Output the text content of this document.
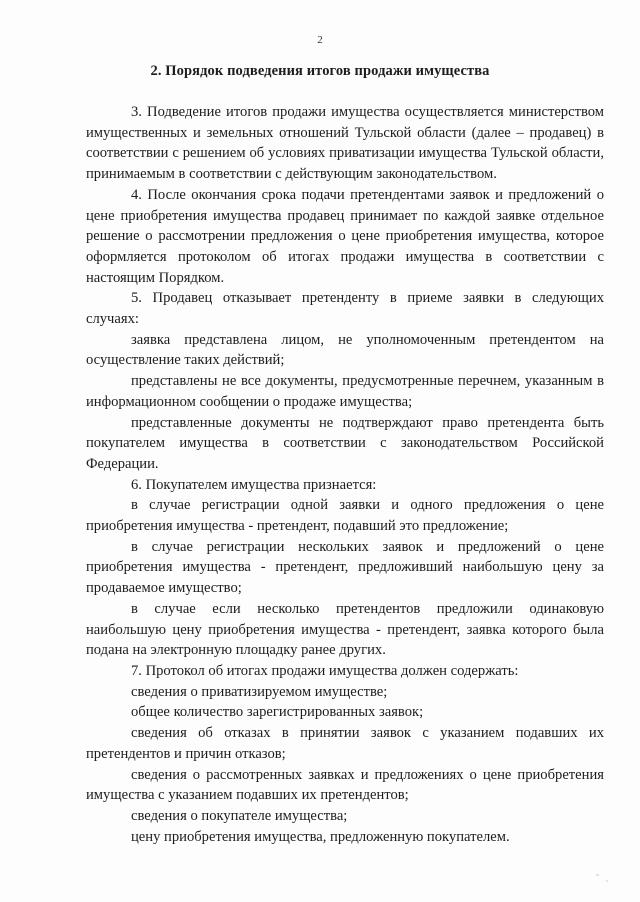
2
2. Порядок подведения итогов продажи имущества

3. Подведение итогов продажи имущества осуществляется министерством имущественных и земельных отношений Тульской области (далее – продавец) в соответствии с решением об условиях приватизации имущества Тульской области, принимаемым в соответствии с действующим законодательством.

4. После окончания срока подачи претендентами заявок и предложений о цене приобретения имущества продавец принимает по каждой заявке отдельное решение о рассмотрении предложения о цене приобретения имущества, которое оформляется протоколом об итогах продажи имущества в соответствии с настоящим Порядком.

5. Продавец отказывает претенденту в приеме заявки в следующих случаях:

заявка представлена лицом, не уполномоченным претендентом на осуществление таких действий;

представлены не все документы, предусмотренные перечнем, указанным в информационном сообщении о продаже имущества;

представленные документы не подтверждают право претендента быть покупателем имущества в соответствии с законодательством Российской Федерации.

6. Покупателем имущества признается:

в случае регистрации одной заявки и одного предложения о цене приобретения имущества - претендент, подавший это предложение;

в случае регистрации нескольких заявок и предложений о цене приобретения имущества - претендент, предложивший наибольшую цену за продаваемое имущество;

в случае если несколько претендентов предложили одинаковую наибольшую цену приобретения имущества - претендент, заявка которого была подана на электронную площадку ранее других.

7. Протокол об итогах продажи имущества должен содержать:

сведения о приватизируемом имуществе;

общее количество зарегистрированных заявок;

сведения об отказах в принятии заявок с указанием подавших их претендентов и причин отказов;

сведения о рассмотренных заявках и предложениях о цене приобретения имущества с указанием подавших их претендентов;

сведения о покупателе имущества;

цену приобретения имущества, предложенную покупателем.
